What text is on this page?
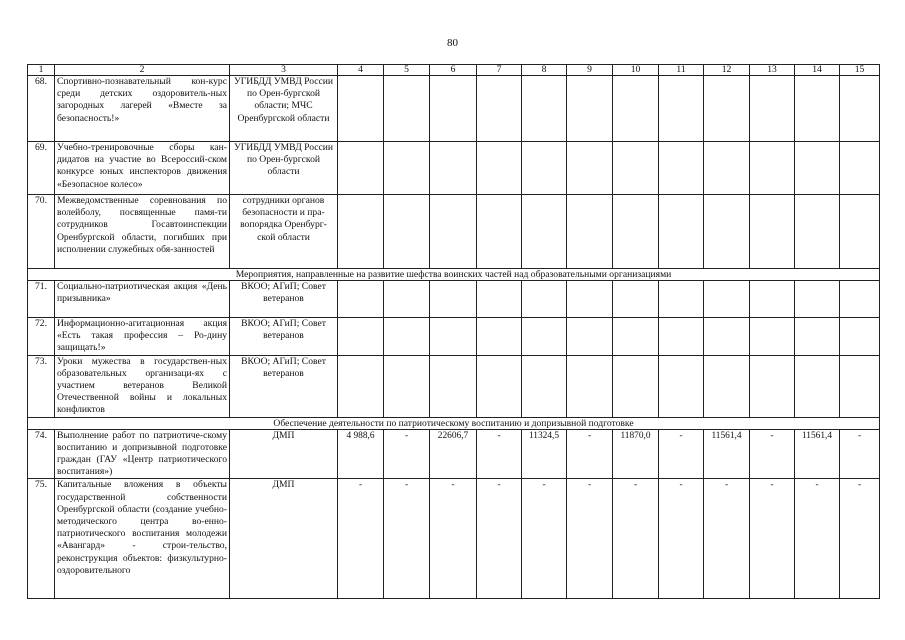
80
1	2	3	4	5	6	7	8	9	10	11	12	13	14	15
68.	Спортивно-познавательный кон-курс среди детских оздоровитель-ных загородных лагерей «Вместе за безопасность!»	УГИБДД УМВД России по Орен-бургской области; МЧС Оренбургской области												
69.	Учебно-тренировочные сборы кан-дидатов на участие во Всероссий-ском конкурсе юных инспекторов движения «Безопасное колесо»	УГИБДД УМВД России по Орен-бургской области												
70.	Межведомственные соревнования по волейболу, посвященные памя-ти сотрудников Госавтоинспекции Оренбургской области, погибших при исполнении служебных обя-занностей	сотрудники органов безопасности и пра-вопорядка Оренбург-ской области												
Мероприятия, направленные на развитие шефства воинских частей над образовательными организациями														
71.	Социально-патриотическая акция «День призывника»	ВКОО; АГиП; Совет ветеранов												
72.	Информационно-агитационная акция «Есть такая профессия – Ро-дину защищать!»	ВКОО; АГиП; Совет ветеранов												
73.	Уроки мужества в государствен-ных образовательных организаци-ях с участием ветеранов Великой Отечественной войны и локальных конфликтов	ВКОО; АГиП; Совет ветеранов												
Обеспечение деятельности по патриотическому воспитанию и допризывной подготовке														
74.	Выполнение работ по патриотиче-скому воспитанию и допризывной подготовке граждан (ГАУ «Центр патриотического воспитания»)	ДМП	4 988,6	-	22606,7	-	11324,5	-	11870,0	-	11561,4	-	11561,4	-
75.	Капитальные вложения в объекты государственной собственности Оренбургской области (создание учебно-методического центра во-енно-патриотического воспитания молодежи «Авангард» - строи-тельство, реконструкция объектов: физкультурно-оздоровительного	ДМП	-	-	-	-	-	-	-	-	-	-	-	-
